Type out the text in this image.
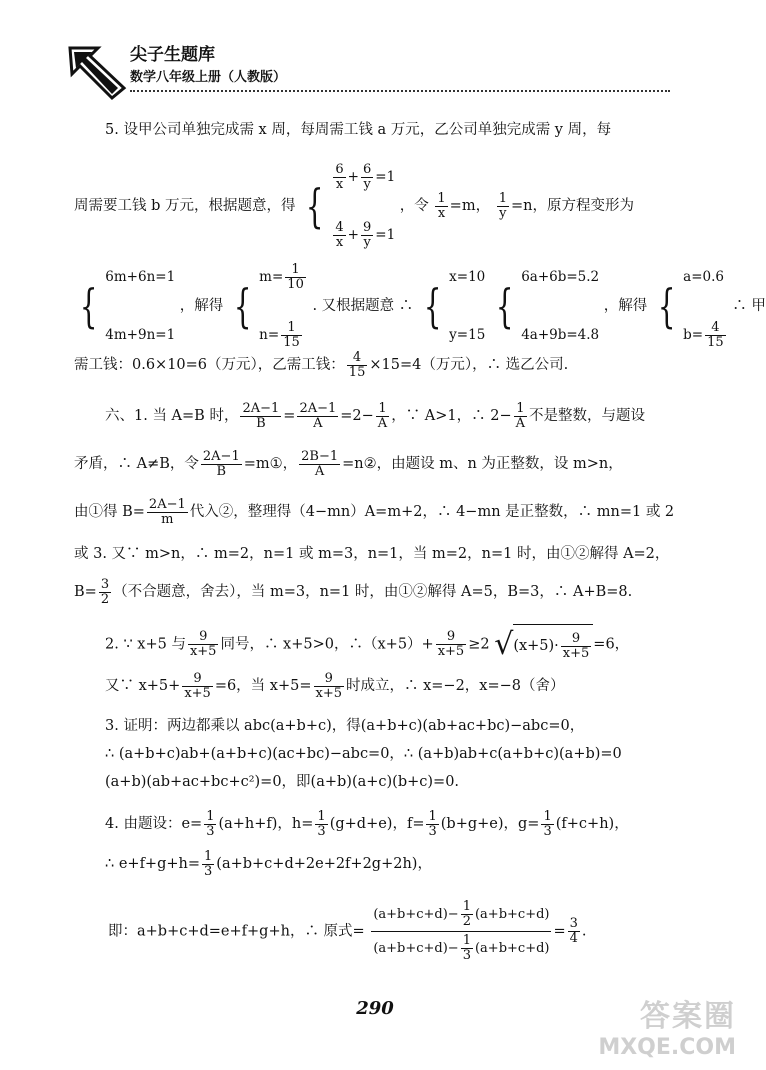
尖子生题库
数学八年级上册（人教版）
5. 设甲公司单独完成需 x 周，每周需工钱 a 万元，乙公司单独完成需 y 周，每
周需要工钱 b 万元，根据题意，得 {
$\frac{6}{x} + \frac{6}{y} =1$
$\frac{4}{x} + \frac{9}{y} =1$
，令 $\frac{1}{x} =m$， $\frac{1}{y} =n$，原方程变形为
{
6m+6n=1
4m+9n=1
，解得 {
$m= \frac{1}{10}$
$n= \frac{1}{15}$
. 又根据题意 ∴ {
x=10
y=15

{
6a+6b=5.2
4a+9b=4.8
，解得 {
a=0.6
$b= \frac{4}{15}$
∴ 甲
需工钱：0.6×10=6（万元），乙需工钱： $\frac{4}{15} \times 15=4$（万元），∴ 选乙公司.
六、1. 当 A=B 时， $\frac{2A-1}{B} = \frac{2A-1}{A} =2- \frac{1}{A}$ ，∵ A>1，∴ $2- \frac{1}{A}$ 不是整数，与题设
矛盾，∴ A≠B，令 $\frac{2A-1}{B}$ =m①， $\frac{2B-1}{A}$ =n②，由题设 m、n 为正整数，设 m>n，
由①得 $B= \frac{2A-1}{m}$ 代入②，整理得（4−mn）A=m+2，∴ 4−mn 是正整数，∴ mn=1 或 2
或 3. 又∵ m>n，∴ m=2，n=1 或 m=3，n=1，当 m=2，n=1 时，由①②解得 A=2，
$B= \frac{3}{2}$ （不合题意，舍去），当 m=3，n=1 时，由①②解得 A=5，B=3，∴ A+B=8.
2. ∵ x+5 与 $\frac{9}{x+5}$ 同号，∴ x+5>0，∴（x+5）+ $\frac{9}{x+5} \ge 2$ √ $(x+5)\cdot \frac{9}{x+5} =6$，
又∵ $x+5+ \frac{9}{x+5} =6$，当 $x+5= \frac{9}{x+5}$ 时成立，∴ x=−2，x=−8（舍）
3. 证明：两边都乘以 abc(a+b+c)，得(a+b+c)(ab+ac+bc)−abc=0，
∴ (a+b+c)ab+(a+b+c)(ac+bc)−abc=0，∴ (a+b)ab+c(a+b+c)(a+b)=0
(a+b)(ab+ac+bc+c²)=0，即(a+b)(a+c)(b+c)=0.
4. 由题设：$e= \frac{1}{3} (a+h+f)$，$h= \frac{1}{3} (g+d+e)$，$f= \frac{1}{3} (b+g+e)$，$g= \frac{1}{3} (f+c+h)$，
∴ $e+f+g+h= \frac{1}{3} (a+b+c+d+2e+2f+2g+2h)$，
即：a+b+c+d=e+f+g+h，∴ 原式= $\frac{(a+b+c+d)- \frac{1}{2} (a+b+c+d)}{(a+b+c+d)- \frac{1}{3} (a+b+c+d)} = \frac{3}{4}$ .
290	答案圈
MXQE.COM
